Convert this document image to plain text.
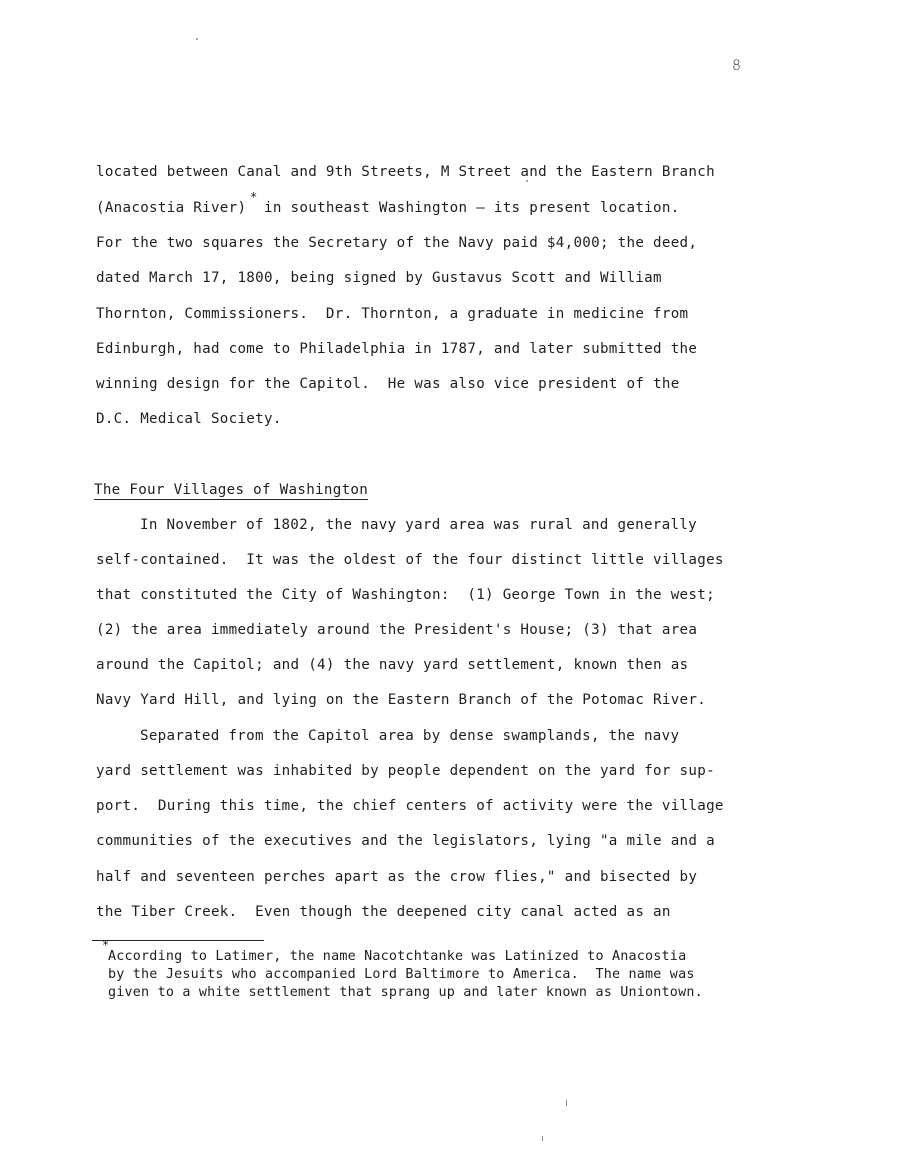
8
located between Canal and 9th Streets, M Street and the Eastern Branch
*
(Anacostia River)  in southeast Washington — its present location.
For the two squares the Secretary of the Navy paid $4,000; the deed,
dated March 17, 1800, being signed by Gustavus Scott and William
Thornton, Commissioners.  Dr. Thornton, a graduate in medicine from
Edinburgh, had come to Philadelphia in 1787, and later submitted the
winning design for the Capitol.  He was also vice president of the
D.C. Medical Society.
The Four Villages of Washington
In November of 1802, the navy yard area was rural and generally
self-contained.  It was the oldest of the four distinct little villages
that constituted the City of Washington:  (1) George Town in the west;
(2) the area immediately around the President's House; (3) that area
around the Capitol; and (4) the navy yard settlement, known then as
Navy Yard Hill, and lying on the Eastern Branch of the Potomac River.
Separated from the Capitol area by dense swamplands, the navy
yard settlement was inhabited by people dependent on the yard for sup-
port.  During this time, the chief centers of activity were the village
communities of the executives and the legislators, lying "a mile and a
half and seventeen perches apart as the crow flies," and bisected by
the Tiber Creek.  Even though the deepened city canal acted as an
*
According to Latimer, the name Nacotchtanke was Latinized to Anacostia
by the Jesuits who accompanied Lord Baltimore to America.  The name was
given to a white settlement that sprang up and later known as Uniontown.
